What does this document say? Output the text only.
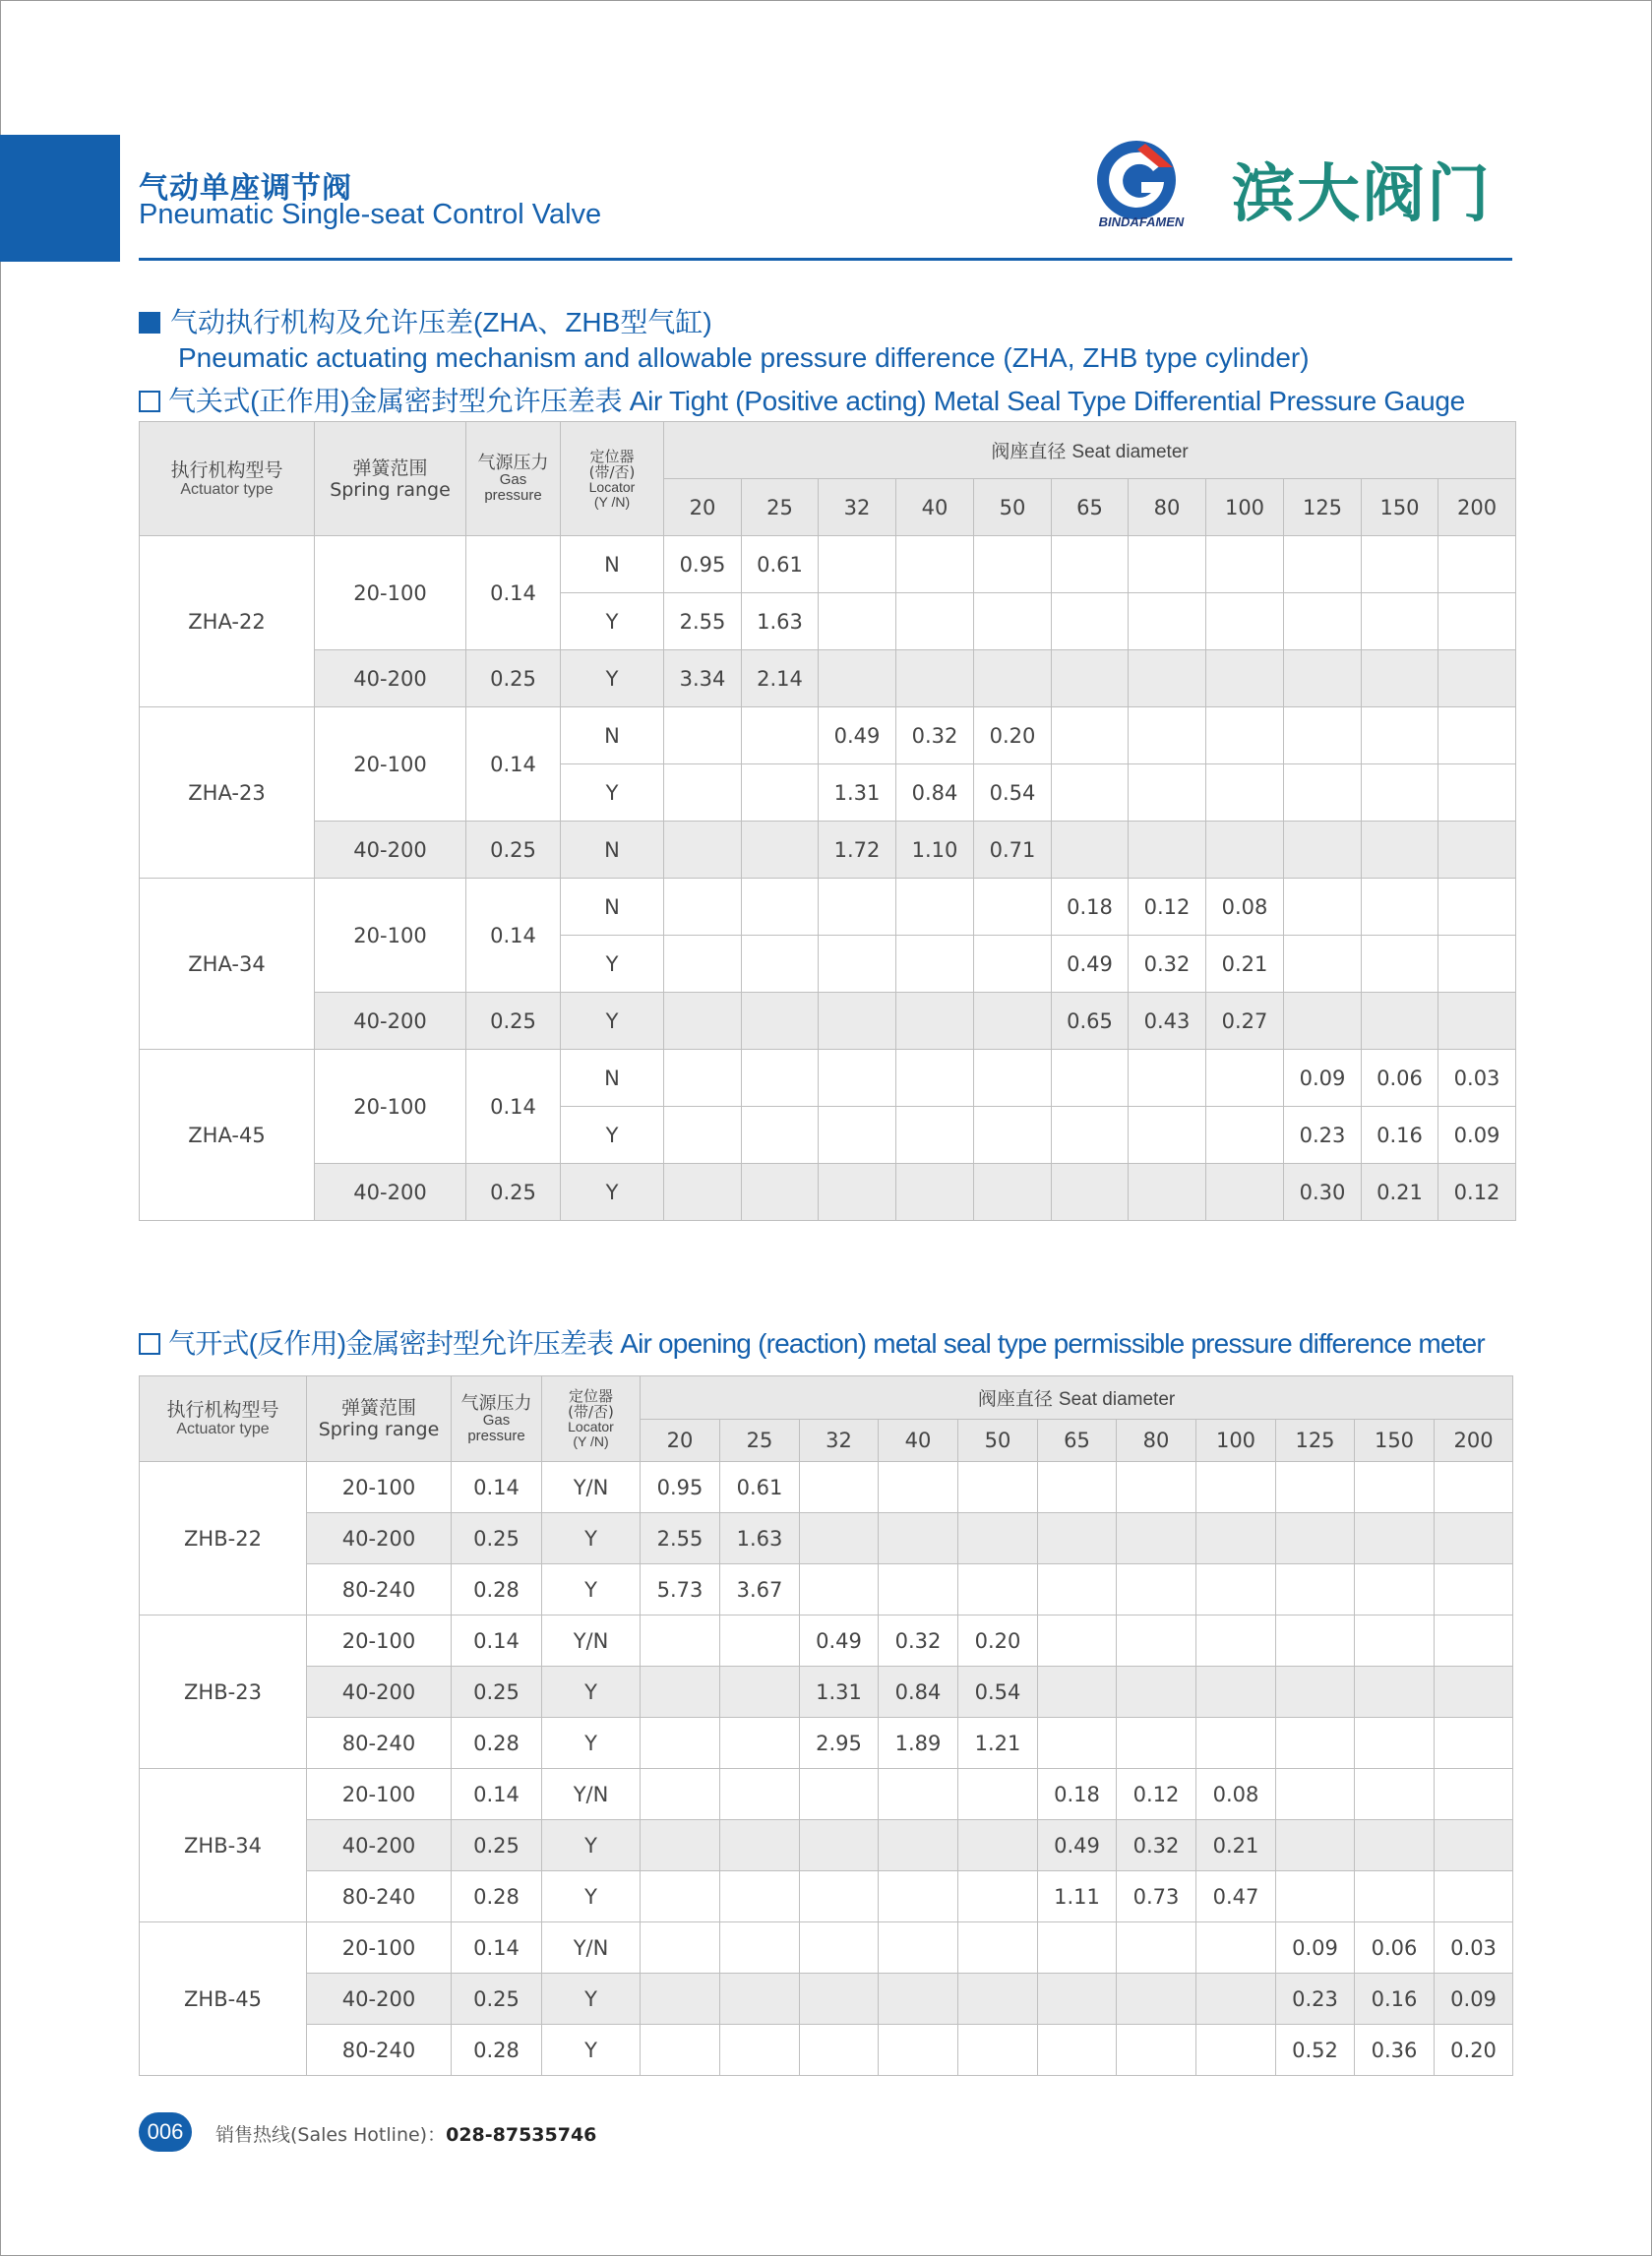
气动单座调节阀
Pneumatic Single-seat Control Valve	BINDAFAMEN 滨大阀门
气动执行机构及允许压差(ZHA、ZHB型气缸)
Pneumatic actuating mechanism and allowable pressure difference (ZHA, ZHB type cylinder)
气关式(正作用)金属密封型允许压差表 Air Tight (Positive acting) Metal Seal Type Differential Pressure Gauge
执行机构型号
Actuator type	弹簧范围
Spring range	气源压力
Gas
pressure	定位器
(带/否)
Locator
(Y /N)	阀座直径 Seat diameter										
				20	25	32	40	50	65	80	100	125	150	200
ZHA-22	20-100	0.14	N	0.95	0.61									
			Y	2.55	1.63									
	40-200	0.25	Y	3.34	2.14									
ZHA-23	20-100	0.14	N			0.49	0.32	0.20						
			Y			1.31	0.84	0.54						
	40-200	0.25	N			1.72	1.10	0.71						
ZHA-34	20-100	0.14	N						0.18	0.12	0.08			
			Y						0.49	0.32	0.21			
	40-200	0.25	Y						0.65	0.43	0.27			
ZHA-45	20-100	0.14	N									0.09	0.06	0.03
			Y									0.23	0.16	0.09
	40-200	0.25	Y									0.30	0.21	0.12
气开式(反作用)金属密封型允许压差表 Air opening (reaction) metal seal type permissible pressure difference meter
执行机构型号
Actuator type	弹簧范围
Spring range	气源压力
Gas
pressure	定位器
(带/否)
Locator
(Y /N)	阀座直径 Seat diameter										
				20	25	32	40	50	65	80	100	125	150	200
ZHB-22	20-100	0.14	Y/N	0.95	0.61									
	40-200	0.25	Y	2.55	1.63									
	80-240	0.28	Y	5.73	3.67									
ZHB-23	20-100	0.14	Y/N			0.49	0.32	0.20						
	40-200	0.25	Y			1.31	0.84	0.54						
	80-240	0.28	Y			2.95	1.89	1.21						
ZHB-34	20-100	0.14	Y/N						0.18	0.12	0.08			
	40-200	0.25	Y						0.49	0.32	0.21			
	80-240	0.28	Y						1.11	0.73	0.47			
ZHB-45	20-100	0.14	Y/N									0.09	0.06	0.03
	40-200	0.25	Y									0.23	0.16	0.09
	80-240	0.28	Y									0.52	0.36	0.20
006	销售热线(Sales Hotline)：028-87535746
